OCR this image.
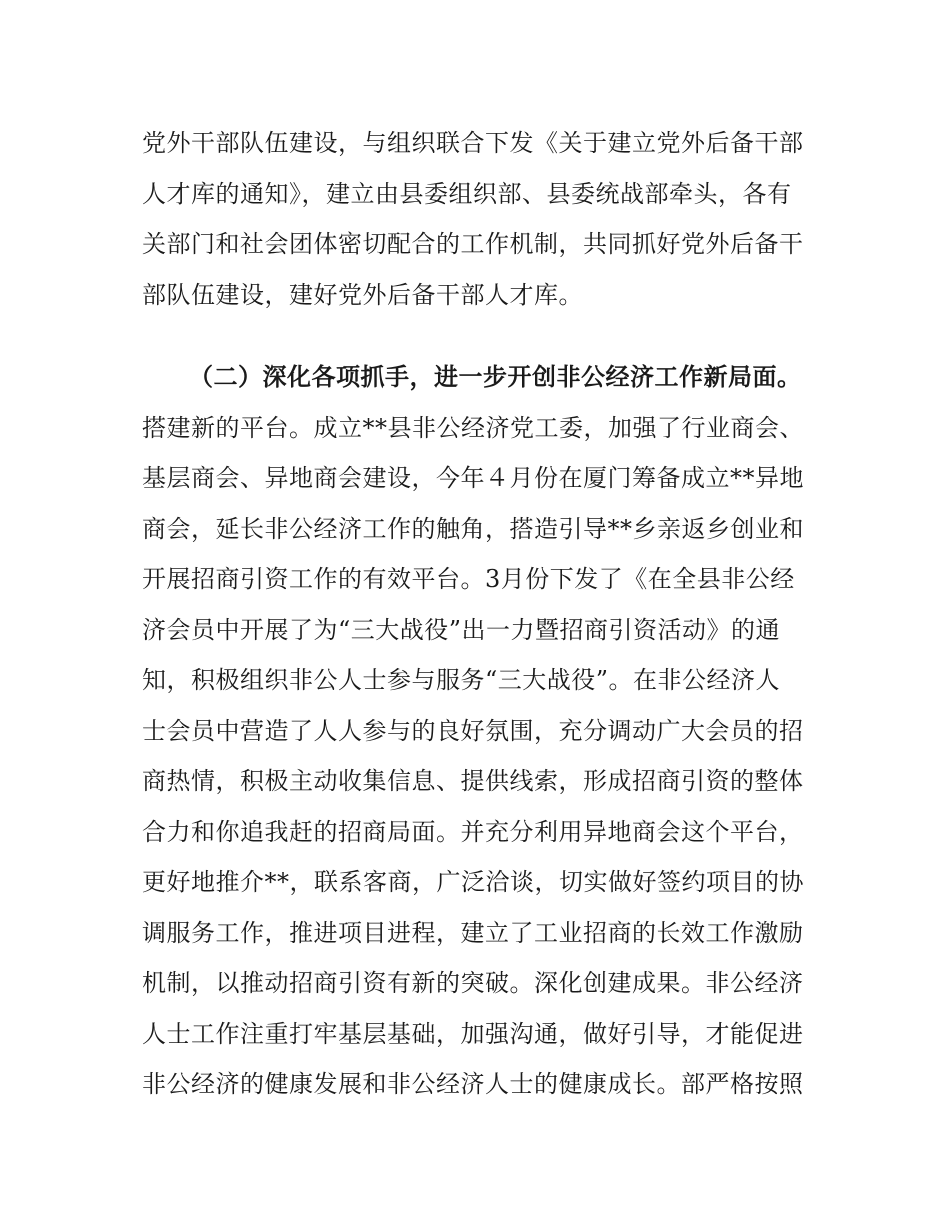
党外干部队伍建设，与组织联合下发《关于建立党外后备干部
人才库的通知》，建立由县委组织部、县委统战部牵头，各有
关部门和社会团体密切配合的工作机制，共同抓好党外后备干
部队伍建设，建好党外后备干部人才库。
（二）深化各项抓手，进一步开创非公经济工作新局面。
搭建新的平台。成立**县非公经济党工委，加强了行业商会、
基层商会、异地商会建设，今年４月份在厦门筹备成立**异地
商会，延长非公经济工作的触角，搭造引导**乡亲返乡创业和
开展招商引资工作的有效平台。3月份下发了《在全县非公经
济会员中开展了为“三大战役”出一力暨招商引资活动》的通
知，积极组织非公人士参与服务“三大战役”。在非公经济人
士会员中营造了人人参与的良好氛围，充分调动广大会员的招
商热情，积极主动收集信息、提供线索，形成招商引资的整体
合力和你追我赶的招商局面。并充分利用异地商会这个平台，
更好地推介**，联系客商，广泛洽谈，切实做好签约项目的协
调服务工作，推进项目进程，建立了工业招商的长效工作激励
机制，以推动招商引资有新的突破。深化创建成果。非公经济
人士工作注重打牢基层基础，加强沟通，做好引导，才能促进
非公经济的健康发展和非公经济人士的健康成长。部严格按照
